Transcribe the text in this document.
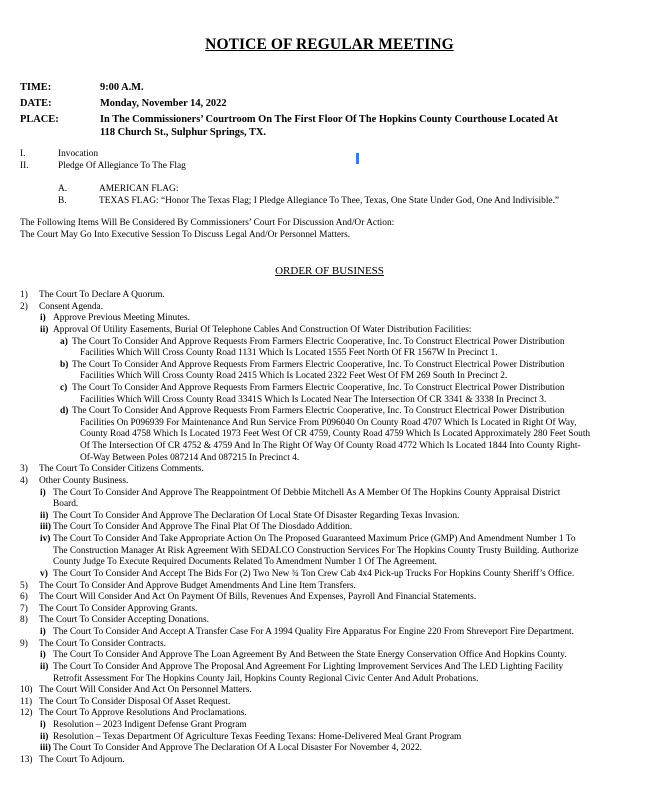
NOTICE OF REGULAR MEETING
TIME:	9:00 A.M.
DATE:	Monday, November 14, 2022
PLACE:	In The Commissioners’ Courtroom On The First Floor Of The Hopkins County Courthouse Located At
118 Church St., Sulphur Springs, TX.
I.	Invocation
II.	Pledge Of Allegiance To The Flag
A.	AMERICAN FLAG:
B.	TEXAS FLAG: “Honor The Texas Flag; I Pledge Allegiance To Thee, Texas, One State Under God, One And Indivisible.”
The Following Items Will Be Considered By Commissioners’ Court For Discussion And/Or Action:
The Court May Go Into Executive Session To Discuss Legal And/Or Personnel Matters.
ORDER OF BUSINESS
1) The Court To Declare A Quorum.
2) Consent Agenda.
i) Approve Previous Meeting Minutes.
ii) Approval Of Utility Easements, Burial Of Telephone Cables And Construction Of Water Distribution Facilities:
a) The Court To Consider And Approve Requests From Farmers Electric Cooperative, Inc. To Construct Electrical Power Distribution
Facilities Which Will Cross County Road 1131 Which Is Located 1555 Feet North Of FR 1567W In Precinct 1.
b) The Court To Consider And Approve Requests From Farmers Electric Cooperative, Inc. To Construct Electrical Power Distribution
Facilities Which Will Cross County Road 2415 Which Is Located 2322 Feet West Of FM 269 South In Precinct 2.
c) The Court To Consider And Approve Requests From Farmers Electric Cooperative, Inc. To Construct Electrical Power Distribution
Facilities Which Will Cross County Road 3341S Which Is Located Near The Intersection Of CR 3341 & 3338 In Precinct 3.
d) The Court To Consider And Approve Requests From Farmers Electric Cooperative, Inc. To Construct Electrical Power Distribution
Facilities On P096939 For Maintenance And Run Service From P096040 On County Road 4707 Which Is Located in Right Of Way,
County Road 4758 Which Is Located 1973 Feet West Of CR 4759, County Road 4759 Which Is Located Approximately 280 Feet South
Of The Intersection Of CR 4752 & 4759 And In The Right Of Way Of County Road 4772 Which Is Located 1844 Into County Right-
Of-Way Between Poles 087214 And 087215 In Precinct 4.
3) The Court To Consider Citizens Comments.
4) Other County Business.
i) The Court To Consider And Approve The Reappointment Of Debbie Mitchell As A Member Of The Hopkins County Appraisal District
Board.
ii) The Court To Consider And Approve The Declaration Of Local State Of Disaster Regarding Texas Invasion.
iii) The Court To Consider And Approve The Final Plat Of The Diosdado Addition.
iv) The Court To Consider And Take Appropriate Action On The Proposed Guaranteed Maximum Price (GMP) And Amendment Number 1 To
The Construction Manager At Risk Agreement With SEDALCO Construction Services For The Hopkins County Trusty Building. Authorize
County Judge To Execute Required Documents Related To Amendment Number 1 Of The Agreement.
v) The Court To Consider And Accept The Bids For (2) Two New ¾ Ton Crew Cab 4x4 Pick-up Trucks For Hopkins County Sheriff’s Office.
5) The Court To Consider And Approve Budget Amendments And Line Item Transfers.
6) The Court Will Consider And Act On Payment Of Bills, Revenues And Expenses, Payroll And Financial Statements.
7) The Court To Consider Approving Grants.
8) The Court To Consider Accepting Donations.
i) The Court To Consider And Accept A Transfer Case For A 1994 Quality Fire Apparatus For Engine 220 From Shreveport Fire Department.
9) The Court To Consider Contracts.
i) The Court To Consider And Approve The Loan Agreement By And Between the State Energy Conservation Office And Hopkins County.
ii) The Court To Consider And Approve The Proposal And Agreement For Lighting Improvement Services And The LED Lighting Facility
Retrofit Assessment For The Hopkins County Jail, Hopkins County Regional Civic Center And Adult Probations.
10) The Court Will Consider And Act On Personnel Matters.
11) The Court To Consider Disposal Of Asset Request.
12) The Court To Approve Resolutions And Proclamations.
i) Resolution – 2023 Indigent Defense Grant Program
ii) Resolution – Texas Department Of Agriculture Texas Feeding Texans: Home-Delivered Meal Grant Program
iii) The Court To Consider And Approve The Declaration Of A Local Disaster For November 4, 2022.
13) The Court To Adjourn.
